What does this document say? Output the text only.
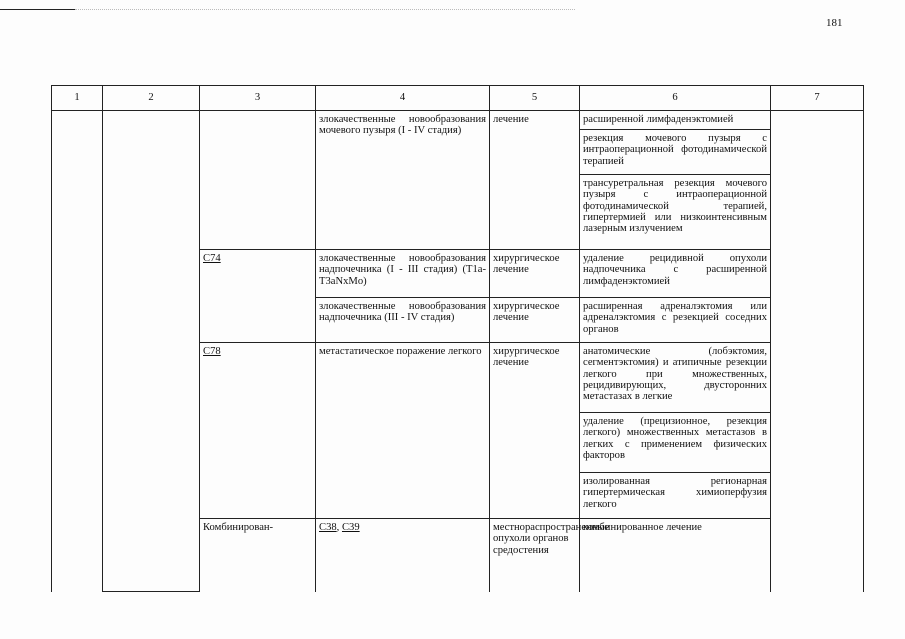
181
1	2	3	4	5	6	7	
			злокачественные новообразования мочевого пузыря (I - IV стадия)	лечение	расширенной лимфаденэктомией		
					резекция мочевого пузыря с интраоперационной фотодинамической терапией		
					трансуретральная резекция мочевого пузыря с интраоперационной фотодинамической терапией, гипертермией или низкоинтенсивным лазерным излучением		
		C74	злокачественные новообразования надпочечника (I - III стадия) (T1a-T3aNxMo)	хирургическое лечение	удаление рецидивной опухоли надпочечника с расширенной лимфаденэктомией		
			злокачественные новообразования надпочечника (III - IV стадия)	хирургическое лечение	расширенная адреналэктомия или адреналэктомия с резекцией соседних органов		
		C78	метастатическое поражение легкого	хирургическое лечение	анатомические (лобэктомия, сегментэктомия) и атипичные резекции легкого при множественных, рецидивирующих, двусторонних метастазах в легкие		
					удаление (прецизионное, резекция легкого) множественных метастазов в легких с применением физических факторов		
					изолированная регионарная гипертермическая химиоперфузия легкого		
		Комбинирован-	C38, C39	местнораспространенные опухоли органов средостения	комбинированное лечение	
